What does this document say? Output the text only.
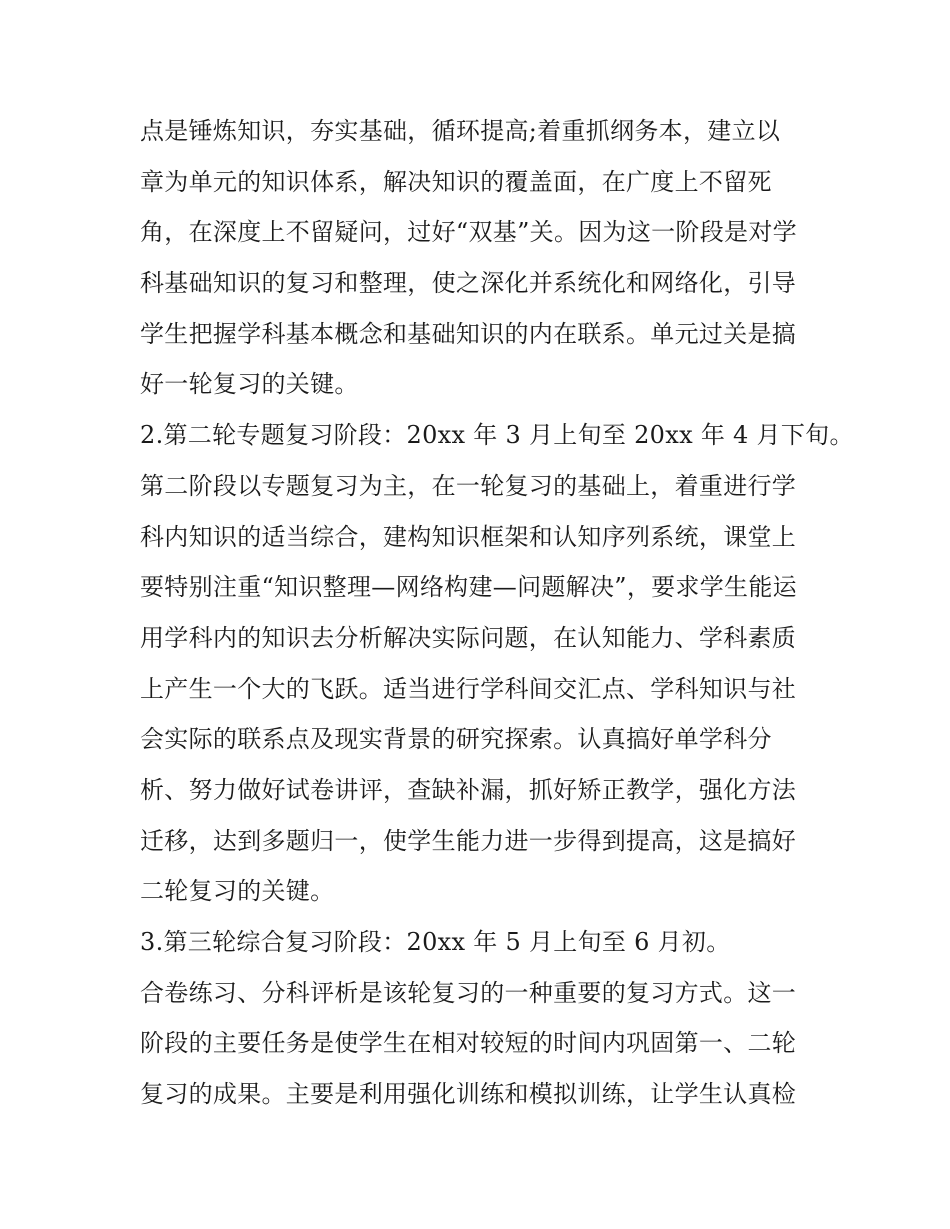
点是锤炼知识，夯实基础，循环提高;着重抓纲务本，建立以
章为单元的知识体系，解决知识的覆盖面，在广度上不留死
角，在深度上不留疑问，过好“双基”关。因为这一阶段是对学
科基础知识的复习和整理，使之深化并系统化和网络化，引导
学生把握学科基本概念和基础知识的内在联系。单元过关是搞
好一轮复习的关键。
2.第二轮专题复习阶段：20xx 年 3 月上旬至 20xx 年 4 月下旬。
第二阶段以专题复习为主，在一轮复习的基础上，着重进行学
科内知识的适当综合，建构知识框架和认知序列系统，课堂上
要特别注重“知识整理—网络构建—问题解决”，要求学生能运
用学科内的知识去分析解决实际问题，在认知能力、学科素质
上产生一个大的飞跃。适当进行学科间交汇点、学科知识与社
会实际的联系点及现实背景的研究探索。认真搞好单学科分
析、努力做好试卷讲评，查缺补漏，抓好矫正教学，强化方法
迁移，达到多题归一，使学生能力进一步得到提高，这是搞好
二轮复习的关键。
3.第三轮综合复习阶段：20xx 年 5 月上旬至 6 月初。
合卷练习、分科评析是该轮复习的一种重要的复习方式。这一
阶段的主要任务是使学生在相对较短的时间内巩固第一、二轮
复习的成果。主要是利用强化训练和模拟训练，让学生认真检
